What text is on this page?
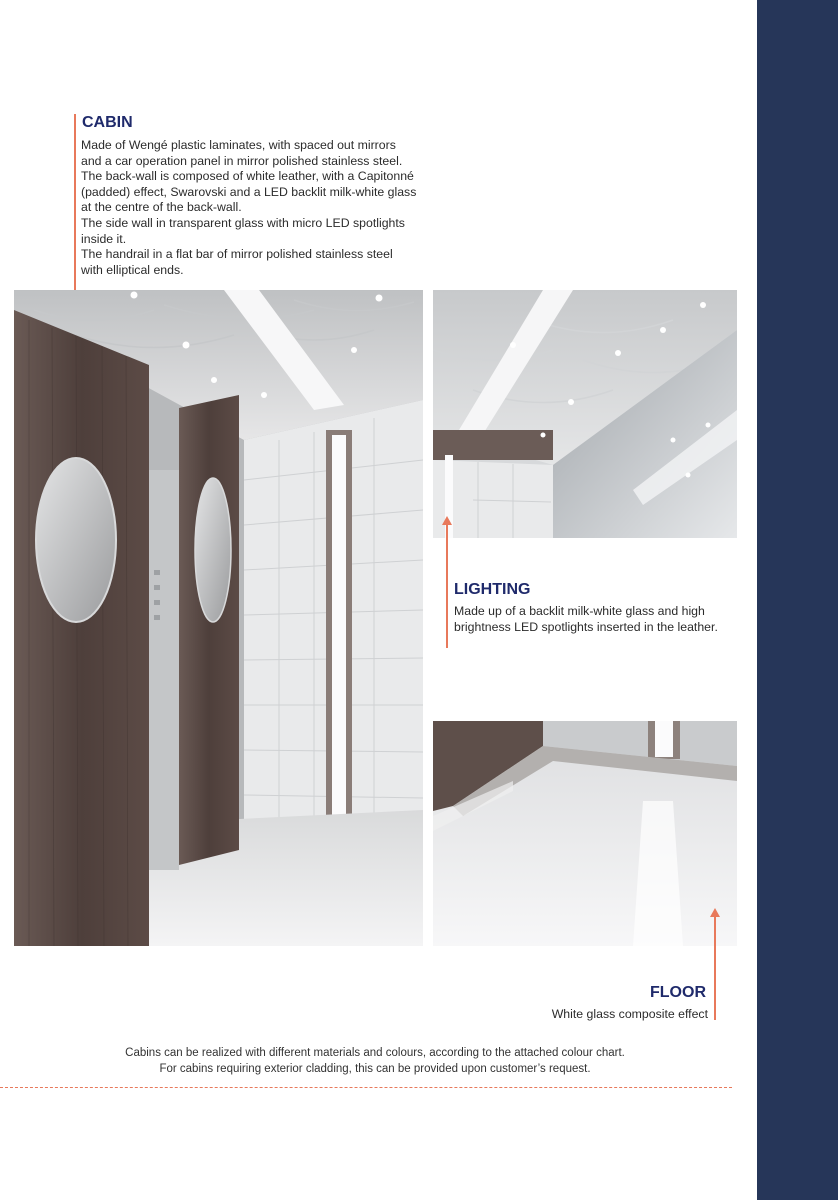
CABIN

Made of Wengé plastic laminates, with spaced out mirrors
and a car operation panel in mirror polished stainless steel.
The back-wall is composed of white leather, with a Capitonné
(padded) effect, Swarovski and a LED backlit milk-white glass
at the centre of the back-wall.
The side wall in transparent glass with micro LED spotlights
inside it.
The handrail in a flat bar of mirror polished stainless steel
with elliptical ends.

LIGHTING

Made up of a backlit milk-white glass and high
brightness LED spotlights inserted in the leather.

FLOOR

White glass composite effect

Cabins can be realized with different materials and colours, according to the attached colour chart.
For cabins requiring exterior cladding, this can be provided upon customer’s request.
